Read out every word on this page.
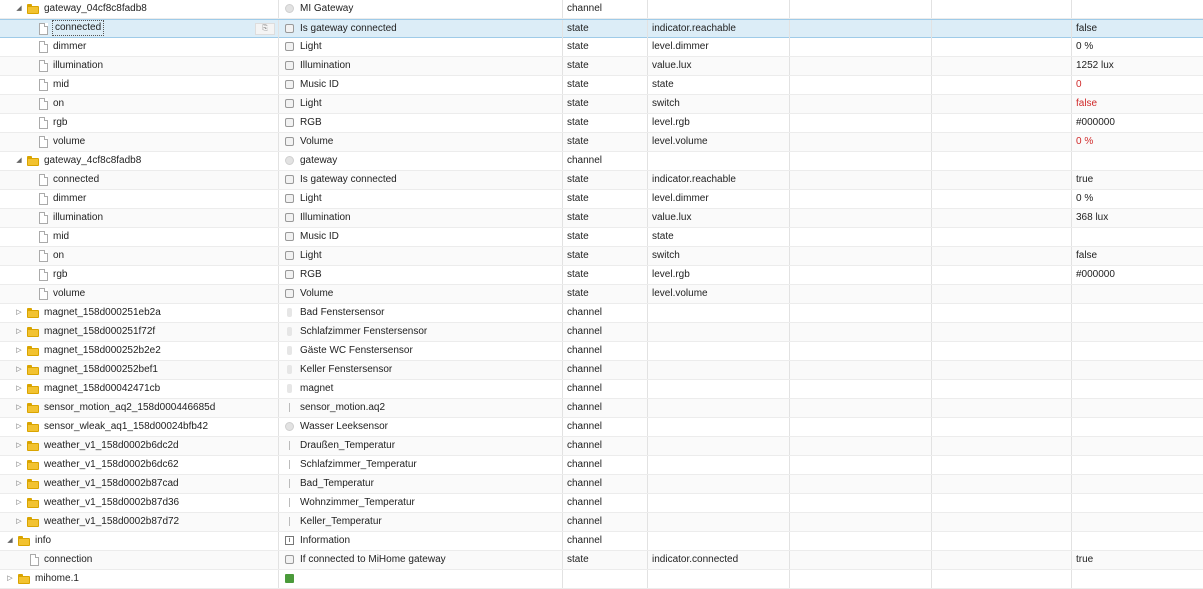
◢ gateway_04cf8c8fadb8	MI Gateway	channel
connected	⎘	Is gateway connected	state	indicator.reachable	false
dimmer	Light	state	level.dimmer	0 %
illumination	Illumination	state	value.lux	1252 lux
mid	Music ID	state	state	0
on	Light	state	switch	false
rgb	RGB	state	level.rgb	#000000
volume	Volume	state	level.volume	0 %
◢ gateway_4cf8c8fadb8	gateway	channel
connected	Is gateway connected	state	indicator.reachable	true
dimmer	Light	state	level.dimmer	0 %
illumination	Illumination	state	value.lux	368 lux
mid	Music ID	state	state
on	Light	state	switch	false
rgb	RGB	state	level.rgb	#000000
volume	Volume	state	level.volume
▷ magnet_158d000251eb2a	Bad Fenstersensor	channel
▷ magnet_158d000251f72f	Schlafzimmer Fenstersensor	channel
▷ magnet_158d000252b2e2	Gäste WC Fenstersensor	channel
▷ magnet_158d000252bef1	Keller Fenstersensor	channel
▷ magnet_158d00042471cb	magnet	channel
▷ sensor_motion_aq2_158d000446685d	sensor_motion.aq2	channel
▷ sensor_wleak_aq1_158d00024bfb42	Wasser Leeksensor	channel
▷ weather_v1_158d0002b6dc2d	Draußen_Temperatur	channel
▷ weather_v1_158d0002b6dc62	Schlafzimmer_Temperatur	channel
▷ weather_v1_158d0002b87cad	Bad_Temperatur	channel
▷ weather_v1_158d0002b87d36	Wohnzimmer_Temperatur	channel
▷ weather_v1_158d0002b87d72	Keller_Temperatur	channel
◢ info	i Information	channel
connection	If connected to MiHome gateway	state	indicator.connected	true
▷ mihome.1
